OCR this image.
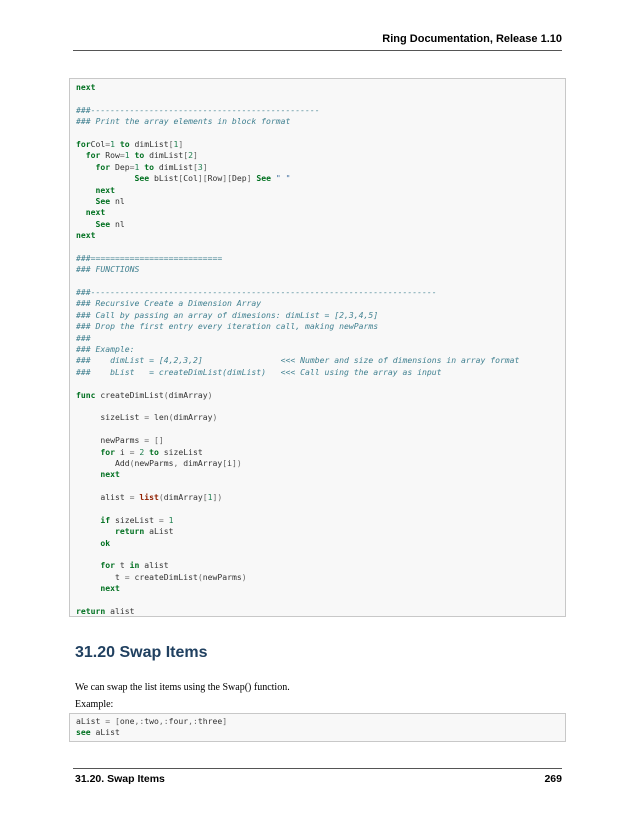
Ring Documentation, Release 1.10
next
###-----------------------------------------------
### Print the array elements in block format
forCol=1 to dimList[1]
for Row=1 to dimList[2]
for Dep=1 to dimList[3]
See bList[Col][Row][Dep] See " "
next
See nl
next
See nl
next
###===========================
### FUNCTIONS
###-----------------------------------------------------------------------
### Recursive Create a Dimension Array
### Call by passing an array of dimesions: dimList = [2,3,4,5]
### Drop the first entry every iteration call, making newParms
###
### Example:
###    dimList = [4,2,3,2]                <<< Number and size of dimensions in array format
###    bList   = createDimList(dimList)   <<< Call using the array as input
func createDimList(dimArray)
sizeList = len(dimArray)
newParms = []
for i = 2 to sizeList
Add(newParms, dimArray[i])
next
alist = list(dimArray[1])
if sizeList = 1
return aList
ok
for t in alist
t = createDimList(newParms)
next
return alist
31.20 Swap Items
We can swap the list items using the Swap() function.
Example:
aList = [one,:two,:four,:three]
see aList
31.20. Swap Items	269
